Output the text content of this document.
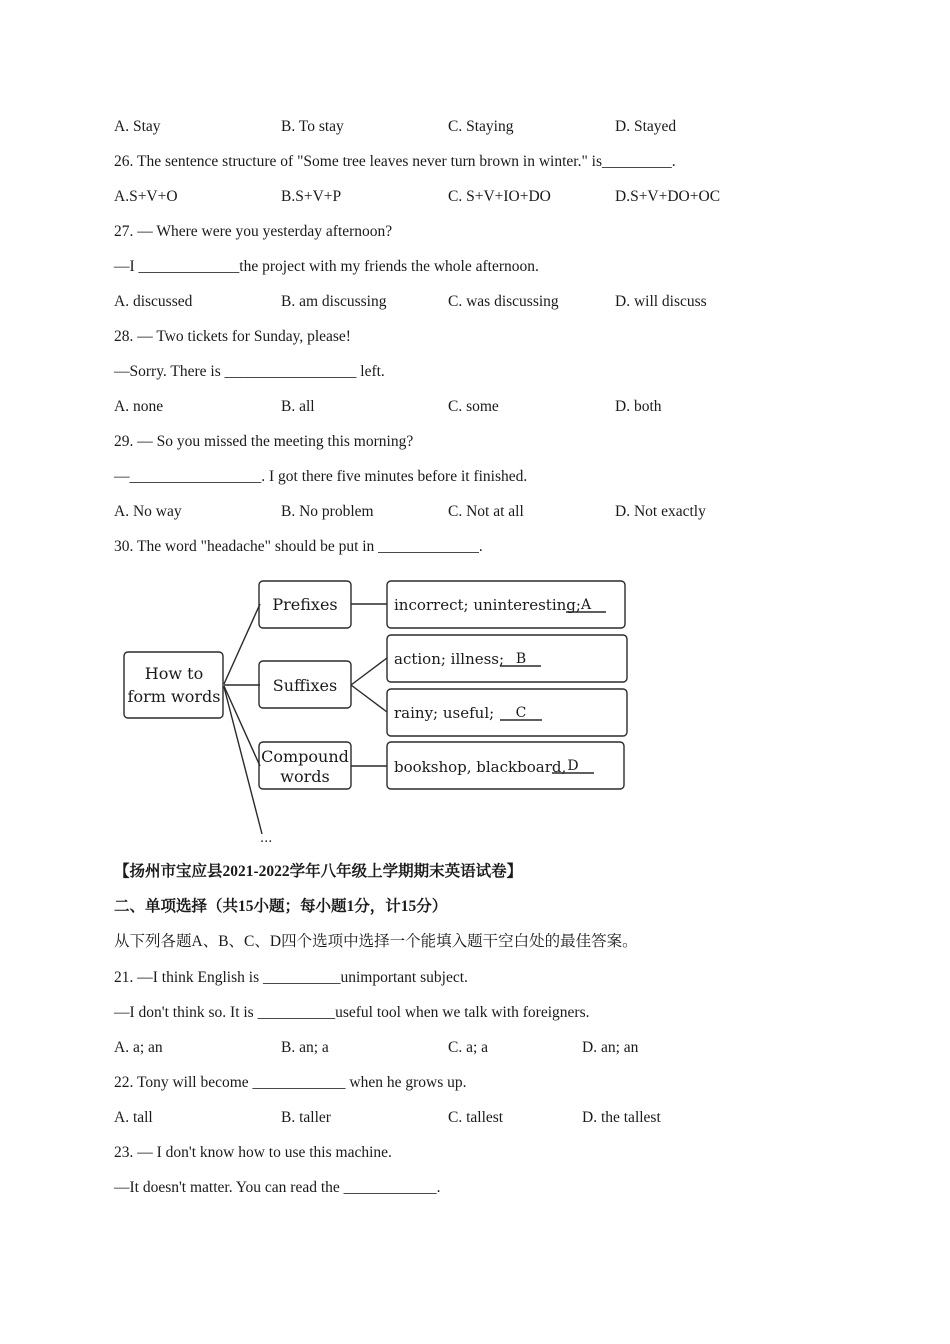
A. Stay	B. To stay	C. Staying	D. Stayed
26. The sentence structure of "Some tree leaves never turn brown in winter." is_________.
A.S+V+O	B.S+V+P	C. S+V+IO+DO	D.S+V+DO+OC
27. — Where were you yesterday afternoon?
—I _____________the project with my friends the whole afternoon.
A. discussed	B. am discussing	C. was discussing	D. will discuss
28. — Two tickets for Sunday, please!
—Sorry. There is _________________ left.
A. none	B. all	C. some	D. both
29. — So you missed the meeting this morning?
—_________________. I got there five minutes before it finished.
A. No way	B. No problem	C. Not at all	D. Not exactly
30. The word "headache" should be put in _____________.
How to
form words
Prefixes
Suffixes
Compound
words
incorrect; uninteresting;
action; illness;
rainy; useful;
bookshop, blackboard,
A
B
C
D
...
【扬州市宝应县2021-2022学年八年级上学期期末英语试卷】
二、单项选择（共15小题；每小题1分，计15分）
从下列各题A、B、C、D四个选项中选择一个能填入题干空白处的最佳答案。
21. —I think English is __________unimportant subject.
—I don't think so. It is __________useful tool when we talk with foreigners.
A. a; an	B. an; a	C. a; a	D. an; an
22. Tony will become ____________ when he grows up.
A. tall	B. taller	C. tallest	D. the tallest
23. — I don't know how to use this machine.
—It doesn't matter. You can read the ____________.
